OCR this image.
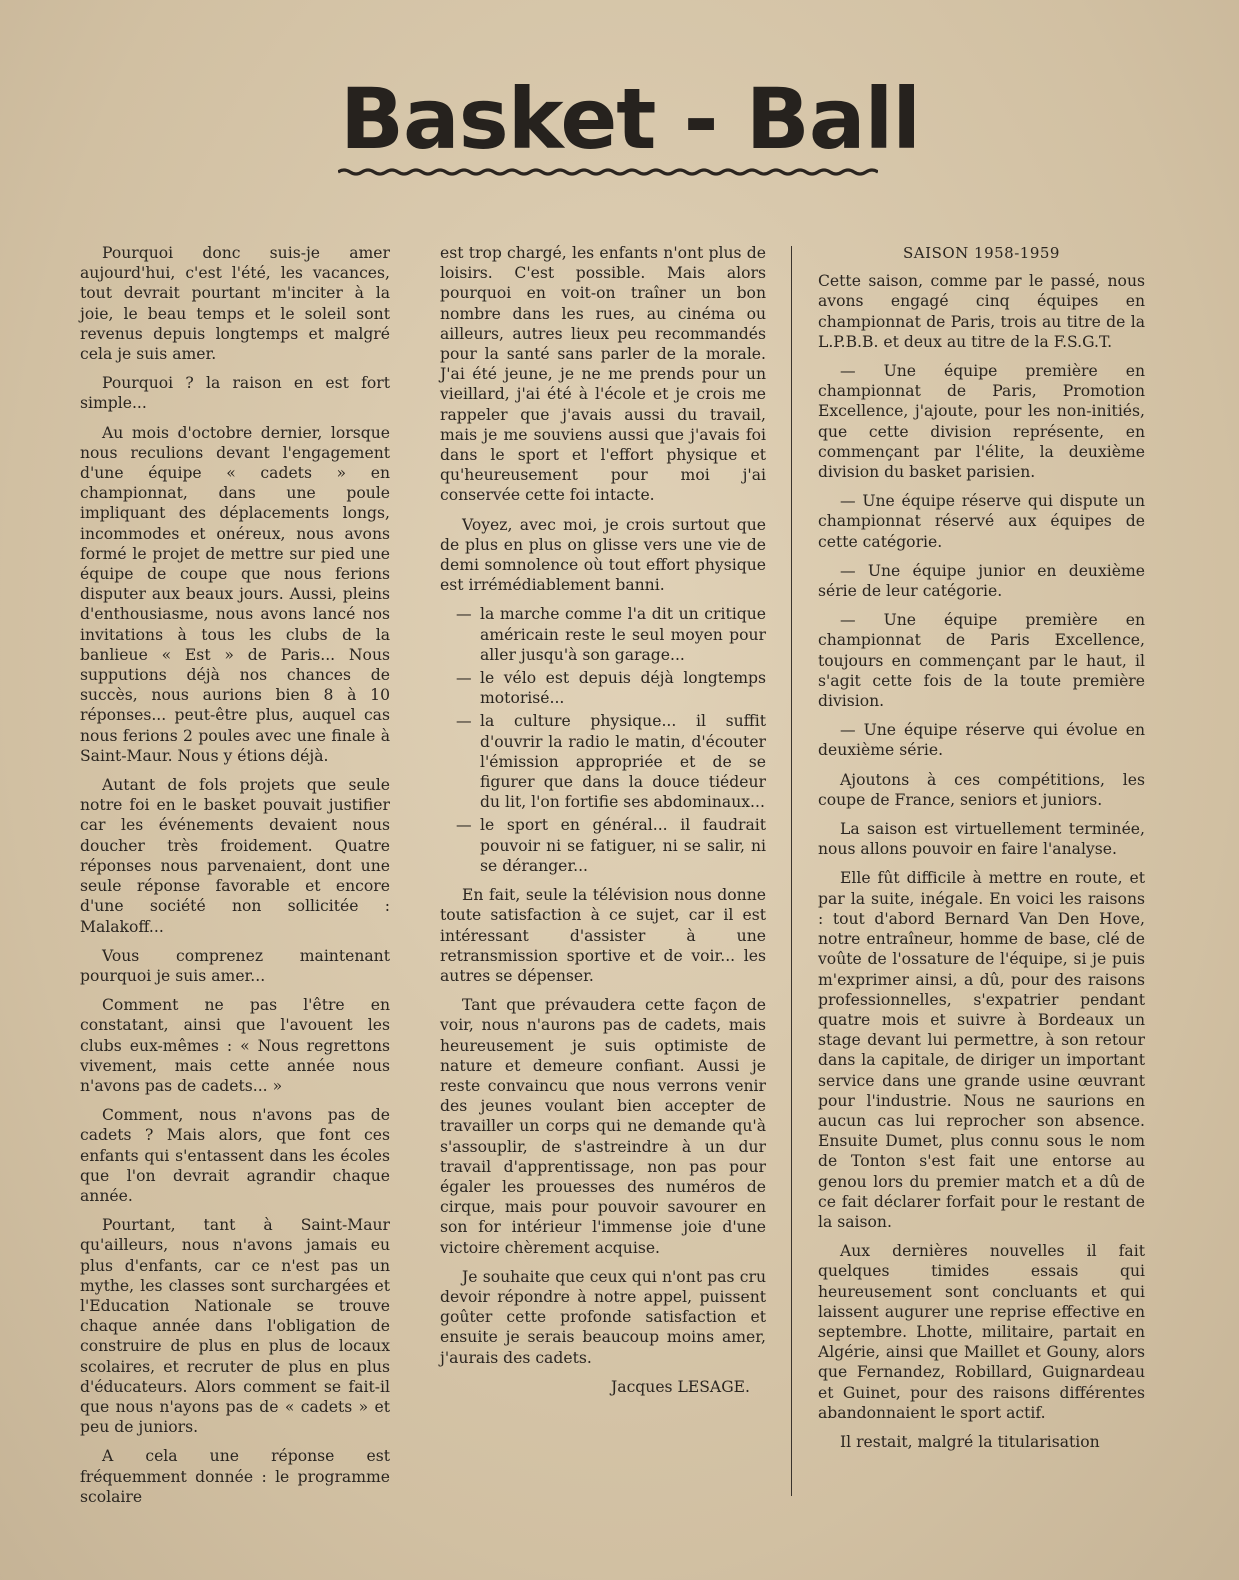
Basket - Ball

Pourquoi donc suis-je amer aujourd'hui, c'est l'été, les vacances, tout devrait pourtant m'inciter à la joie, le beau temps et le soleil sont revenus depuis longtemps et malgré cela je suis amer.

Pourquoi ? la raison en est fort simple...

Au mois d'octobre dernier, lorsque nous reculions devant l'engagement d'une équipe « cadets » en championnat, dans une poule impliquant des déplacements longs, incommodes et onéreux, nous avons formé le projet de mettre sur pied une équipe de coupe que nous ferions disputer aux beaux jours. Aussi, pleins d'enthousiasme, nous avons lancé nos invitations à tous les clubs de la banlieue « Est » de Paris... Nous supputions déjà nos chances de succès, nous aurions bien 8 à 10 réponses... peut-être plus, auquel cas nous ferions 2 poules avec une finale à Saint-Maur. Nous y étions déjà.

Autant de fols projets que seule notre foi en le basket pouvait justifier car les événements devaient nous doucher très froidement. Quatre réponses nous parvenaient, dont une seule réponse favorable et encore d'une société non sollicitée : Malakoff...

Vous comprenez maintenant pourquoi je suis amer...

Comment ne pas l'être en constatant, ainsi que l'avouent les clubs eux-mêmes : « Nous regrettons vivement, mais cette année nous n'avons pas de cadets... »

Comment, nous n'avons pas de cadets ? Mais alors, que font ces enfants qui s'entassent dans les écoles que l'on devrait agrandir chaque année.

Pourtant, tant à Saint-Maur qu'ailleurs, nous n'avons jamais eu plus d'enfants, car ce n'est pas un mythe, les classes sont surchargées et l'Education Nationale se trouve chaque année dans l'obligation de construire de plus en plus de locaux scolaires, et recruter de plus en plus d'éducateurs. Alors comment se fait-il que nous n'ayons pas de « cadets » et peu de juniors.

A cela une réponse est fréquemment donnée : le programme scolaire

est trop chargé, les enfants n'ont plus de loisirs. C'est possible. Mais alors pourquoi en voit-on traîner un bon nombre dans les rues, au cinéma ou ailleurs, autres lieux peu recommandés pour la santé sans parler de la morale. J'ai été jeune, je ne me prends pour un vieillard, j'ai été à l'école et je crois me rappeler que j'avais aussi du travail, mais je me souviens aussi que j'avais foi dans le sport et l'effort physique et qu'heureusement pour moi j'ai conservée cette foi intacte.

Voyez, avec moi, je crois surtout que de plus en plus on glisse vers une vie de demi somnolence où tout effort physique est irrémédiablement banni.

— la marche comme l'a dit un critique américain reste le seul moyen pour aller jusqu'à son garage...
— le vélo est depuis déjà longtemps motorisé...
— la culture physique... il suffit d'ouvrir la radio le matin, d'écouter l'émission appropriée et de se figurer que dans la douce tiédeur du lit, l'on fortifie ses abdominaux...
— le sport en général... il faudrait pouvoir ni se fatiguer, ni se salir, ni se déranger...

En fait, seule la télévision nous donne toute satisfaction à ce sujet, car il est intéressant d'assister à une retransmission sportive et de voir... les autres se dépenser.

Tant que prévaudera cette façon de voir, nous n'aurons pas de cadets, mais heureusement je suis optimiste de nature et demeure confiant. Aussi je reste convaincu que nous verrons venir des jeunes voulant bien accepter de travailler un corps qui ne demande qu'à s'assouplir, de s'astreindre à un dur travail d'apprentissage, non pas pour égaler les prouesses des numéros de cirque, mais pour pouvoir savourer en son for intérieur l'immense joie d'une victoire chèrement acquise.

Je souhaite que ceux qui n'ont pas cru devoir répondre à notre appel, puissent goûter cette profonde satisfaction et ensuite je serais beaucoup moins amer, j'aurais des cadets.

Jacques LESAGE.
SAISON 1958-1959

Cette saison, comme par le passé, nous avons engagé cinq équipes en championnat de Paris, trois au titre de la L.P.B.B. et deux au titre de la F.S.G.T.

— Une équipe première en championnat de Paris, Promotion Excellence, j'ajoute, pour les non-initiés, que cette division représente, en commençant par l'élite, la deuxième division du basket parisien.

— Une équipe réserve qui dispute un championnat réservé aux équipes de cette catégorie.

— Une équipe junior en deuxième série de leur catégorie.

— Une équipe première en championnat de Paris Excellence, toujours en commençant par le haut, il s'agit cette fois de la toute première division.

— Une équipe réserve qui évolue en deuxième série.

Ajoutons à ces compétitions, les coupe de France, seniors et juniors.

La saison est virtuellement terminée, nous allons pouvoir en faire l'analyse.

Elle fût difficile à mettre en route, et par la suite, inégale. En voici les raisons : tout d'abord Bernard Van Den Hove, notre entraîneur, homme de base, clé de voûte de l'ossature de l'équipe, si je puis m'exprimer ainsi, a dû, pour des raisons professionnelles, s'expatrier pendant quatre mois et suivre à Bordeaux un stage devant lui permettre, à son retour dans la capitale, de diriger un important service dans une grande usine œuvrant pour l'industrie. Nous ne saurions en aucun cas lui reprocher son absence. Ensuite Dumet, plus connu sous le nom de Tonton s'est fait une entorse au genou lors du premier match et a dû de ce fait déclarer forfait pour le restant de la saison.

Aux dernières nouvelles il fait quelques timides essais qui heureusement sont concluants et qui laissent augurer une reprise effective en septembre. Lhotte, militaire, partait en Algérie, ainsi que Maillet et Gouny, alors que Fernandez, Robillard, Guignardeau et Guinet, pour des raisons différentes abandonnaient le sport actif.

Il restait, malgré la titularisation
